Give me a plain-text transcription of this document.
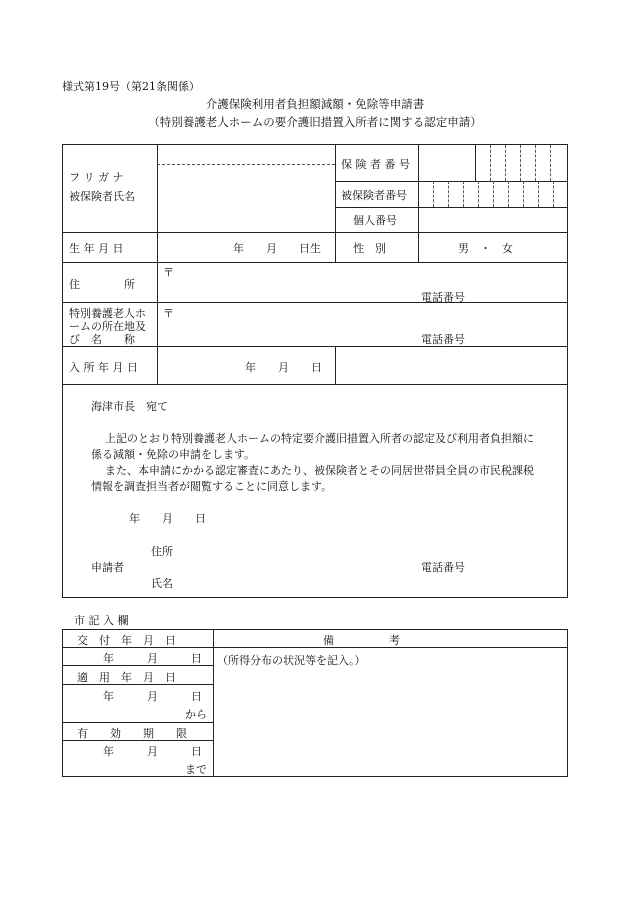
様式第19号（第21条関係）
介護保険利用者負担額減額・免除等申請書
（特別養護老人ホームの要介護旧措置入所者に関する認定申請）
フ リ ガ ナ
被保険者氏名
保 険 者 番 号
被保険者番号
個人番号
生 年 月 日	年　　月　　日生	性　別	男　・　女
住　　　　所
〒
電話番号
特別養護老人ホ
ームの所在地及
び　名　　称
〒
電話番号
入 所 年 月 日	年　　月　　日
海津市長　宛て
上記のとおり特別養護老人ホームの特定要介護旧措置入所者の認定及び利用者負担額に
係る減額・免除の申請をします。
また、本申請にかかる認定審査にあたり、被保険者とその同居世帯員全員の市民税課税
情報を調査担当者が閲覧することに同意します。
年　　月　　日
住所
申請者	電話番号
氏名
市 記 入 欄
交　付　年　月　日	備　　　　　考
年　　　月　　　日 （所得分布の状況等を記入。）
適　用　年　月　日
年　　　月　　　日
から
有　　効　　期　　限
年　　　月　　　日
まで
